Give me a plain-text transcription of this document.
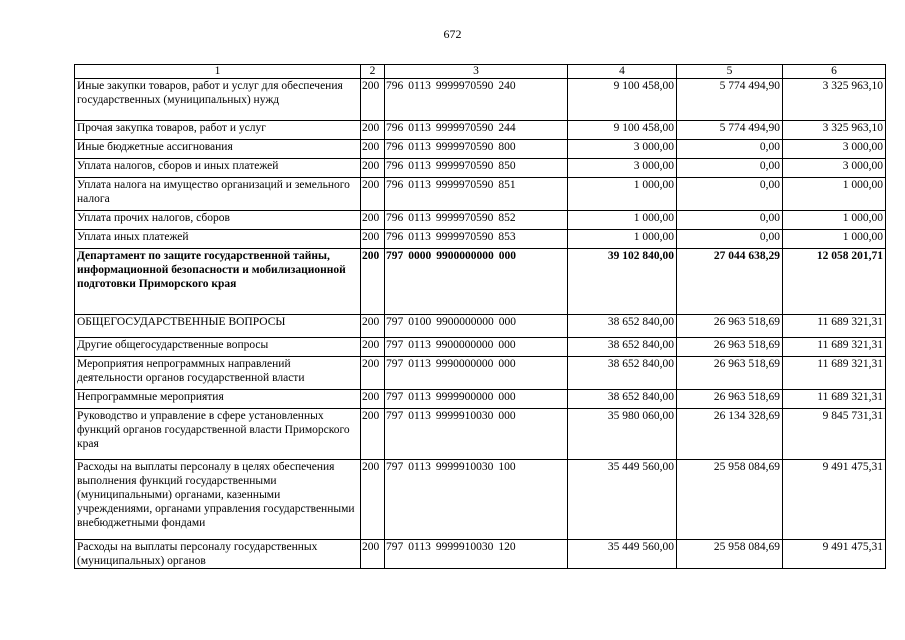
672
1	2	3	4	5	6
Иные закупки товаров, работ и услуг для обеспечения государственных (муниципальных) нужд	200	796 0113 9999970590 240	9 100 458,00	5 774 494,90	3 325 963,10
Прочая закупка товаров, работ и услуг	200	796 0113 9999970590 244	9 100 458,00	5 774 494,90	3 325 963,10
Иные бюджетные ассигнования	200	796 0113 9999970590 800	3 000,00	0,00	3 000,00
Уплата налогов, сборов и иных платежей	200	796 0113 9999970590 850	3 000,00	0,00	3 000,00
Уплата налога на имущество организаций и земельного налога	200	796 0113 9999970590 851	1 000,00	0,00	1 000,00
Уплата прочих налогов, сборов	200	796 0113 9999970590 852	1 000,00	0,00	1 000,00
Уплата иных платежей	200	796 0113 9999970590 853	1 000,00	0,00	1 000,00
Департамент по защите государственной тайны, информационной безопасности и мобилизационной подготовки Приморского края	200	797 0000 9900000000 000	39 102 840,00	27 044 638,29	12 058 201,71
ОБЩЕГОСУДАРСТВЕННЫЕ ВОПРОСЫ	200	797 0100 9900000000 000	38 652 840,00	26 963 518,69	11 689 321,31
Другие общегосударственные вопросы	200	797 0113 9900000000 000	38 652 840,00	26 963 518,69	11 689 321,31
Мероприятия непрограммных направлений деятельности органов государственной власти	200	797 0113 9990000000 000	38 652 840,00	26 963 518,69	11 689 321,31
Непрограммные мероприятия	200	797 0113 9999900000 000	38 652 840,00	26 963 518,69	11 689 321,31
Руководство и управление в сфере установленных функций органов государственной власти Приморского края	200	797 0113 9999910030 000	35 980 060,00	26 134 328,69	9 845 731,31
Расходы на выплаты персоналу в целях обеспечения выполнения функций государственными (муниципальными) органами, казенными учреждениями, органами управления государственными внебюджетными фондами	200	797 0113 9999910030 100	35 449 560,00	25 958 084,69	9 491 475,31
Расходы на выплаты персоналу государственных (муниципальных) органов	200	797 0113 9999910030 120	35 449 560,00	25 958 084,69	9 491 475,31
